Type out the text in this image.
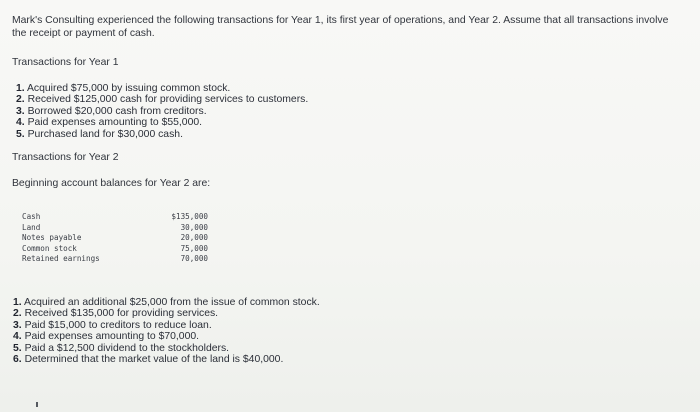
Mark's Consulting experienced the following transactions for Year 1, its first year of operations, and Year 2. Assume that all transactions involve the receipt or payment of cash.
Transactions for Year 1
1. Acquired $75,000 by issuing common stock.
2. Received $125,000 cash for providing services to customers.
3. Borrowed $20,000 cash from creditors.
4. Paid expenses amounting to $55,000.
5. Purchased land for $30,000 cash.
Transactions for Year 2
Beginning account balances for Year 2 are:
Cash	$135,000
Land	30,000
Notes payable	20,000
Common stock	75,000
Retained earnings	70,000
1. Acquired an additional $25,000 from the issue of common stock.
2. Received $135,000 for providing services.
3. Paid $15,000 to creditors to reduce loan.
4. Paid expenses amounting to $70,000.
5. Paid a $12,500 dividend to the stockholders.
6. Determined that the market value of the land is $40,000.
